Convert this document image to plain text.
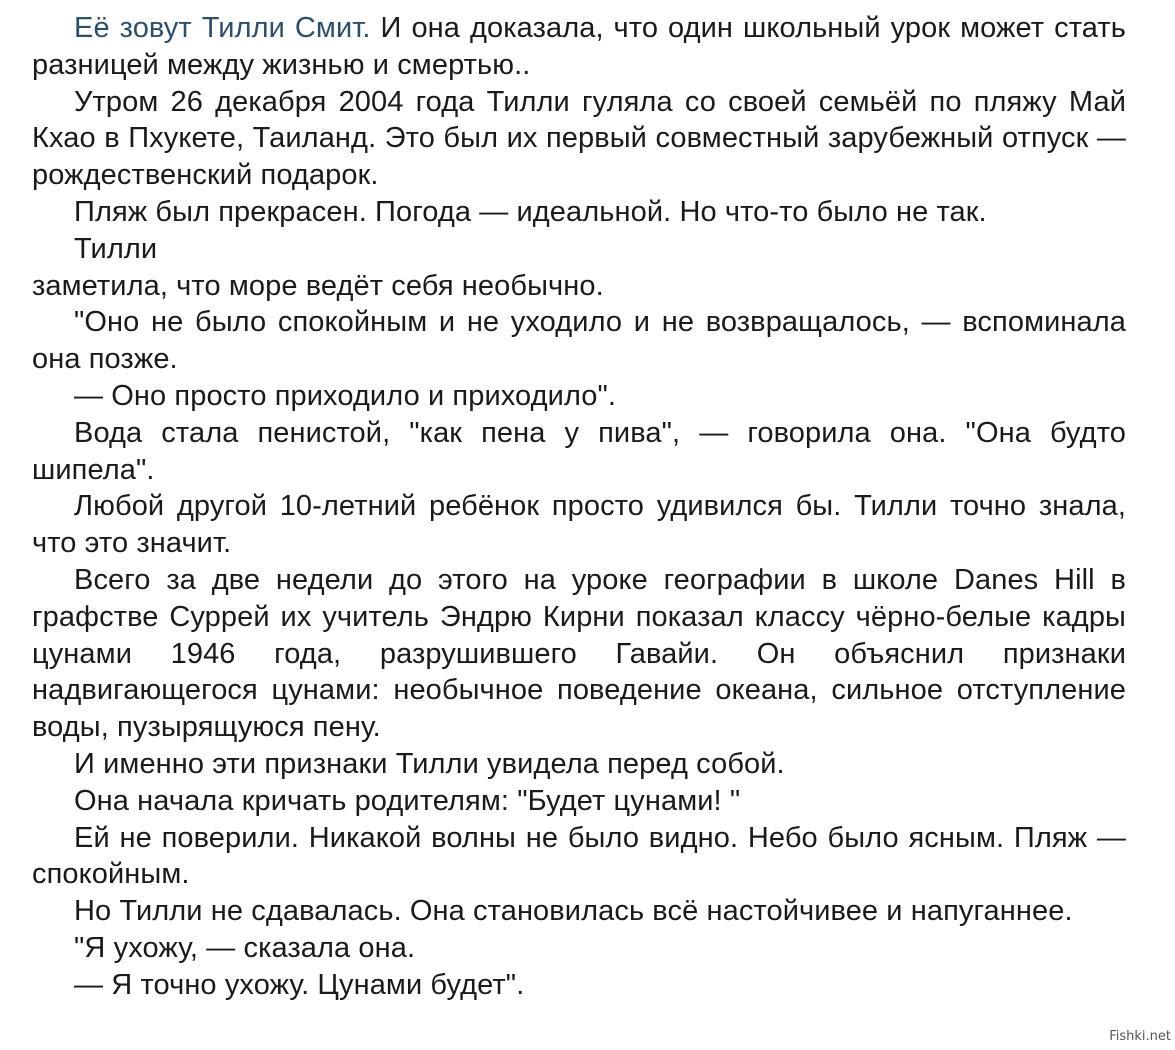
Её зовут Тилли Смит. И она доказала, что один школьный урок может стать разницей между жизнью и смертью..

Утром 26 декабря 2004 года Тилли гуляла со своей семьёй по пляжу Май Кхао в Пхукете, Таиланд. Это был их первый совместный зарубежный отпуск — рождественский подарок.

Пляж был прекрасен. Погода — идеальной. Но что-то было не так.

Тилли

заметила, что море ведёт себя необычно.

"Оно не было спокойным и не уходило и не возвращалось, — вспоминала она позже.

— Оно просто приходило и приходило".

Вода стала пенистой, "как пена у пива", — говорила она. "Она будто шипела".

Любой другой 10-летний ребёнок просто удивился бы. Тилли точно знала, что это значит.

Всего за две недели до этого на уроке географии в школе Danes Hill в графстве Суррей их учитель Эндрю Кирни показал классу чёрно-белые кадры цунами 1946 года, разрушившего Гавайи. Он объяснил признаки надвигающегося цунами: необычное поведение океана, сильное отступление воды, пузырящуюся пену.

И именно эти признаки Тилли увидела перед собой.

Она начала кричать родителям: "Будет цунами! "

Ей не поверили. Никакой волны не было видно. Небо было ясным. Пляж — спокойным.

Но Тилли не сдавалась. Она становилась всё настойчивее и напуганнее.

"Я ухожу, — сказала она.

— Я точно ухожу. Цунами будет".

Fishki.net
